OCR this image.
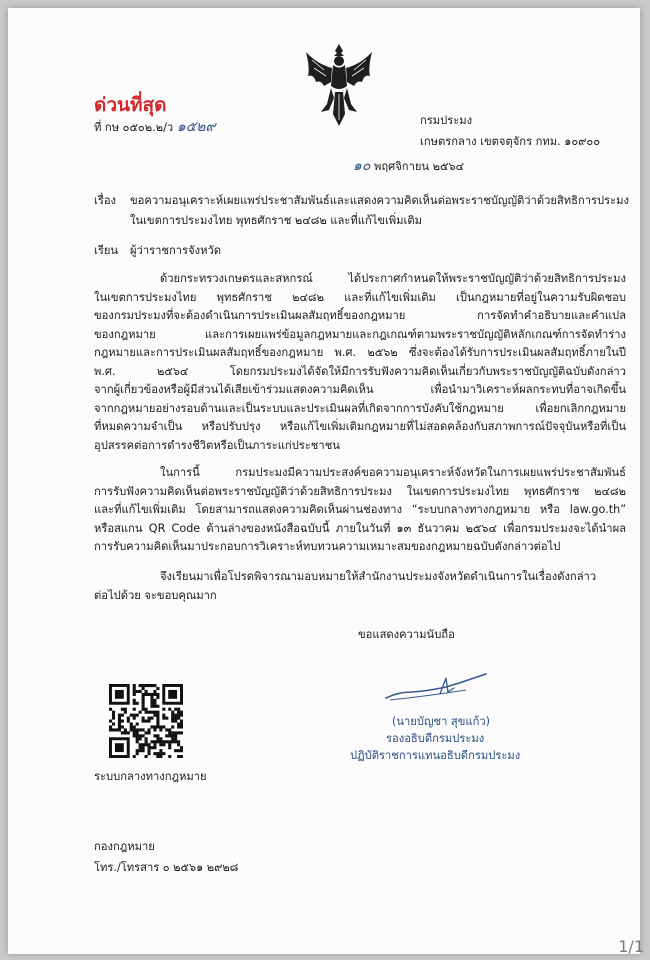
ด่วนที่สุด
ที่ กษ ๐๕๐๒.๒/ว ๑๕๒๙	กรมประมง
เกษตรกลาง เขตจตุจักร กทม. ๑๐๙๐๐
๑๐ พฤศจิกายน ๒๕๖๔
เรื่อง ขอความอนุเคราะห์เผยแพร่ประชาสัมพันธ์และแสดงความคิดเห็นต่อพระราชบัญญัติว่าด้วยสิทธิการประมง
ในเขตการประมงไทย พุทธศักราช ๒๔๘๒ และที่แก้ไขเพิ่มเติม
เรียน ผู้ว่าราชการจังหวัด
ด้วยกระทรวงเกษตรและสหกรณ์ ได้ประกาศกำหนดให้พระราชบัญญัติว่าด้วยสิทธิการประมง
ในเขตการประมงไทย พุทธศักราช ๒๔๘๒ และที่แก้ไขเพิ่มเติม เป็นกฎหมายที่อยู่ในความรับผิดชอบ
ของกรมประมงที่จะต้องดำเนินการประเมินผลสัมฤทธิ์ของกฎหมาย การจัดทำคำอธิบายและคำแปล
ของกฎหมาย และการเผยแพร่ข้อมูลกฎหมายและกฎเกณฑ์ตามพระราชบัญญัติหลักเกณฑ์การจัดทำร่าง
กฎหมายและการประเมินผลสัมฤทธิ์ของกฎหมาย พ.ศ. ๒๕๖๒ ซึ่งจะต้องได้รับการประเมินผลสัมฤทธิ์ภายในปี
พ.ศ. ๒๕๖๔ โดยกรมประมงได้จัดให้มีการรับฟังความคิดเห็นเกี่ยวกับพระราชบัญญัติฉบับดังกล่าว
จากผู้เกี่ยวข้องหรือผู้มีส่วนได้เสียเข้าร่วมแสดงความคิดเห็น เพื่อนำมาวิเคราะห์ผลกระทบที่อาจเกิดขึ้น
จากกฎหมายอย่างรอบด้านและเป็นระบบและประเมินผลที่เกิดจากการบังคับใช้กฎหมาย เพื่อยกเลิกกฎหมาย
ที่หมดความจำเป็น หรือปรับปรุง หรือแก้ไขเพิ่มเติมกฎหมายที่ไม่สอดคล้องกับสภาพการณ์ปัจจุบันหรือที่เป็น
อุปสรรคต่อการดำรงชีวิตหรือเป็นภาระแก่ประชาชน
ในการนี้ กรมประมงมีความประสงค์ขอความอนุเคราะห์จังหวัดในการเผยแพร่ประชาสัมพันธ์
การรับฟังความคิดเห็นต่อพระราชบัญญัติว่าด้วยสิทธิการประมง ในเขตการประมงไทย พุทธศักราช ๒๔๘๒
และที่แก้ไขเพิ่มเติม โดยสามารถแสดงความคิดเห็นผ่านช่องทาง “ระบบกลางทางกฎหมาย หรือ law.go.th”
หรือสแกน QR Code ด้านล่างของหนังสือฉบับนี้ ภายในวันที่ ๑๓ ธันวาคม ๒๕๖๔ เพื่อกรมประมงจะได้นำผล
การรับความคิดเห็นมาประกอบการวิเคราะห์ทบทวนความเหมาะสมของกฎหมายฉบับดังกล่าวต่อไป
จึงเรียนมาเพื่อโปรดพิจารณามอบหมายให้สำนักงานประมงจังหวัดดำเนินการในเรื่องดังกล่าว
ต่อไปด้วย จะขอบคุณมาก
ขอแสดงความนับถือ
(นายบัญชา สุขแก้ว)
รองอธิบดีกรมประมง
ปฏิบัติราชการแทนอธิบดีกรมประมง
ระบบกลางทางกฎหมาย
กองกฎหมาย
โทร./โทรสาร ๐ ๒๕๖๑ ๒๙๒๘
1/1
